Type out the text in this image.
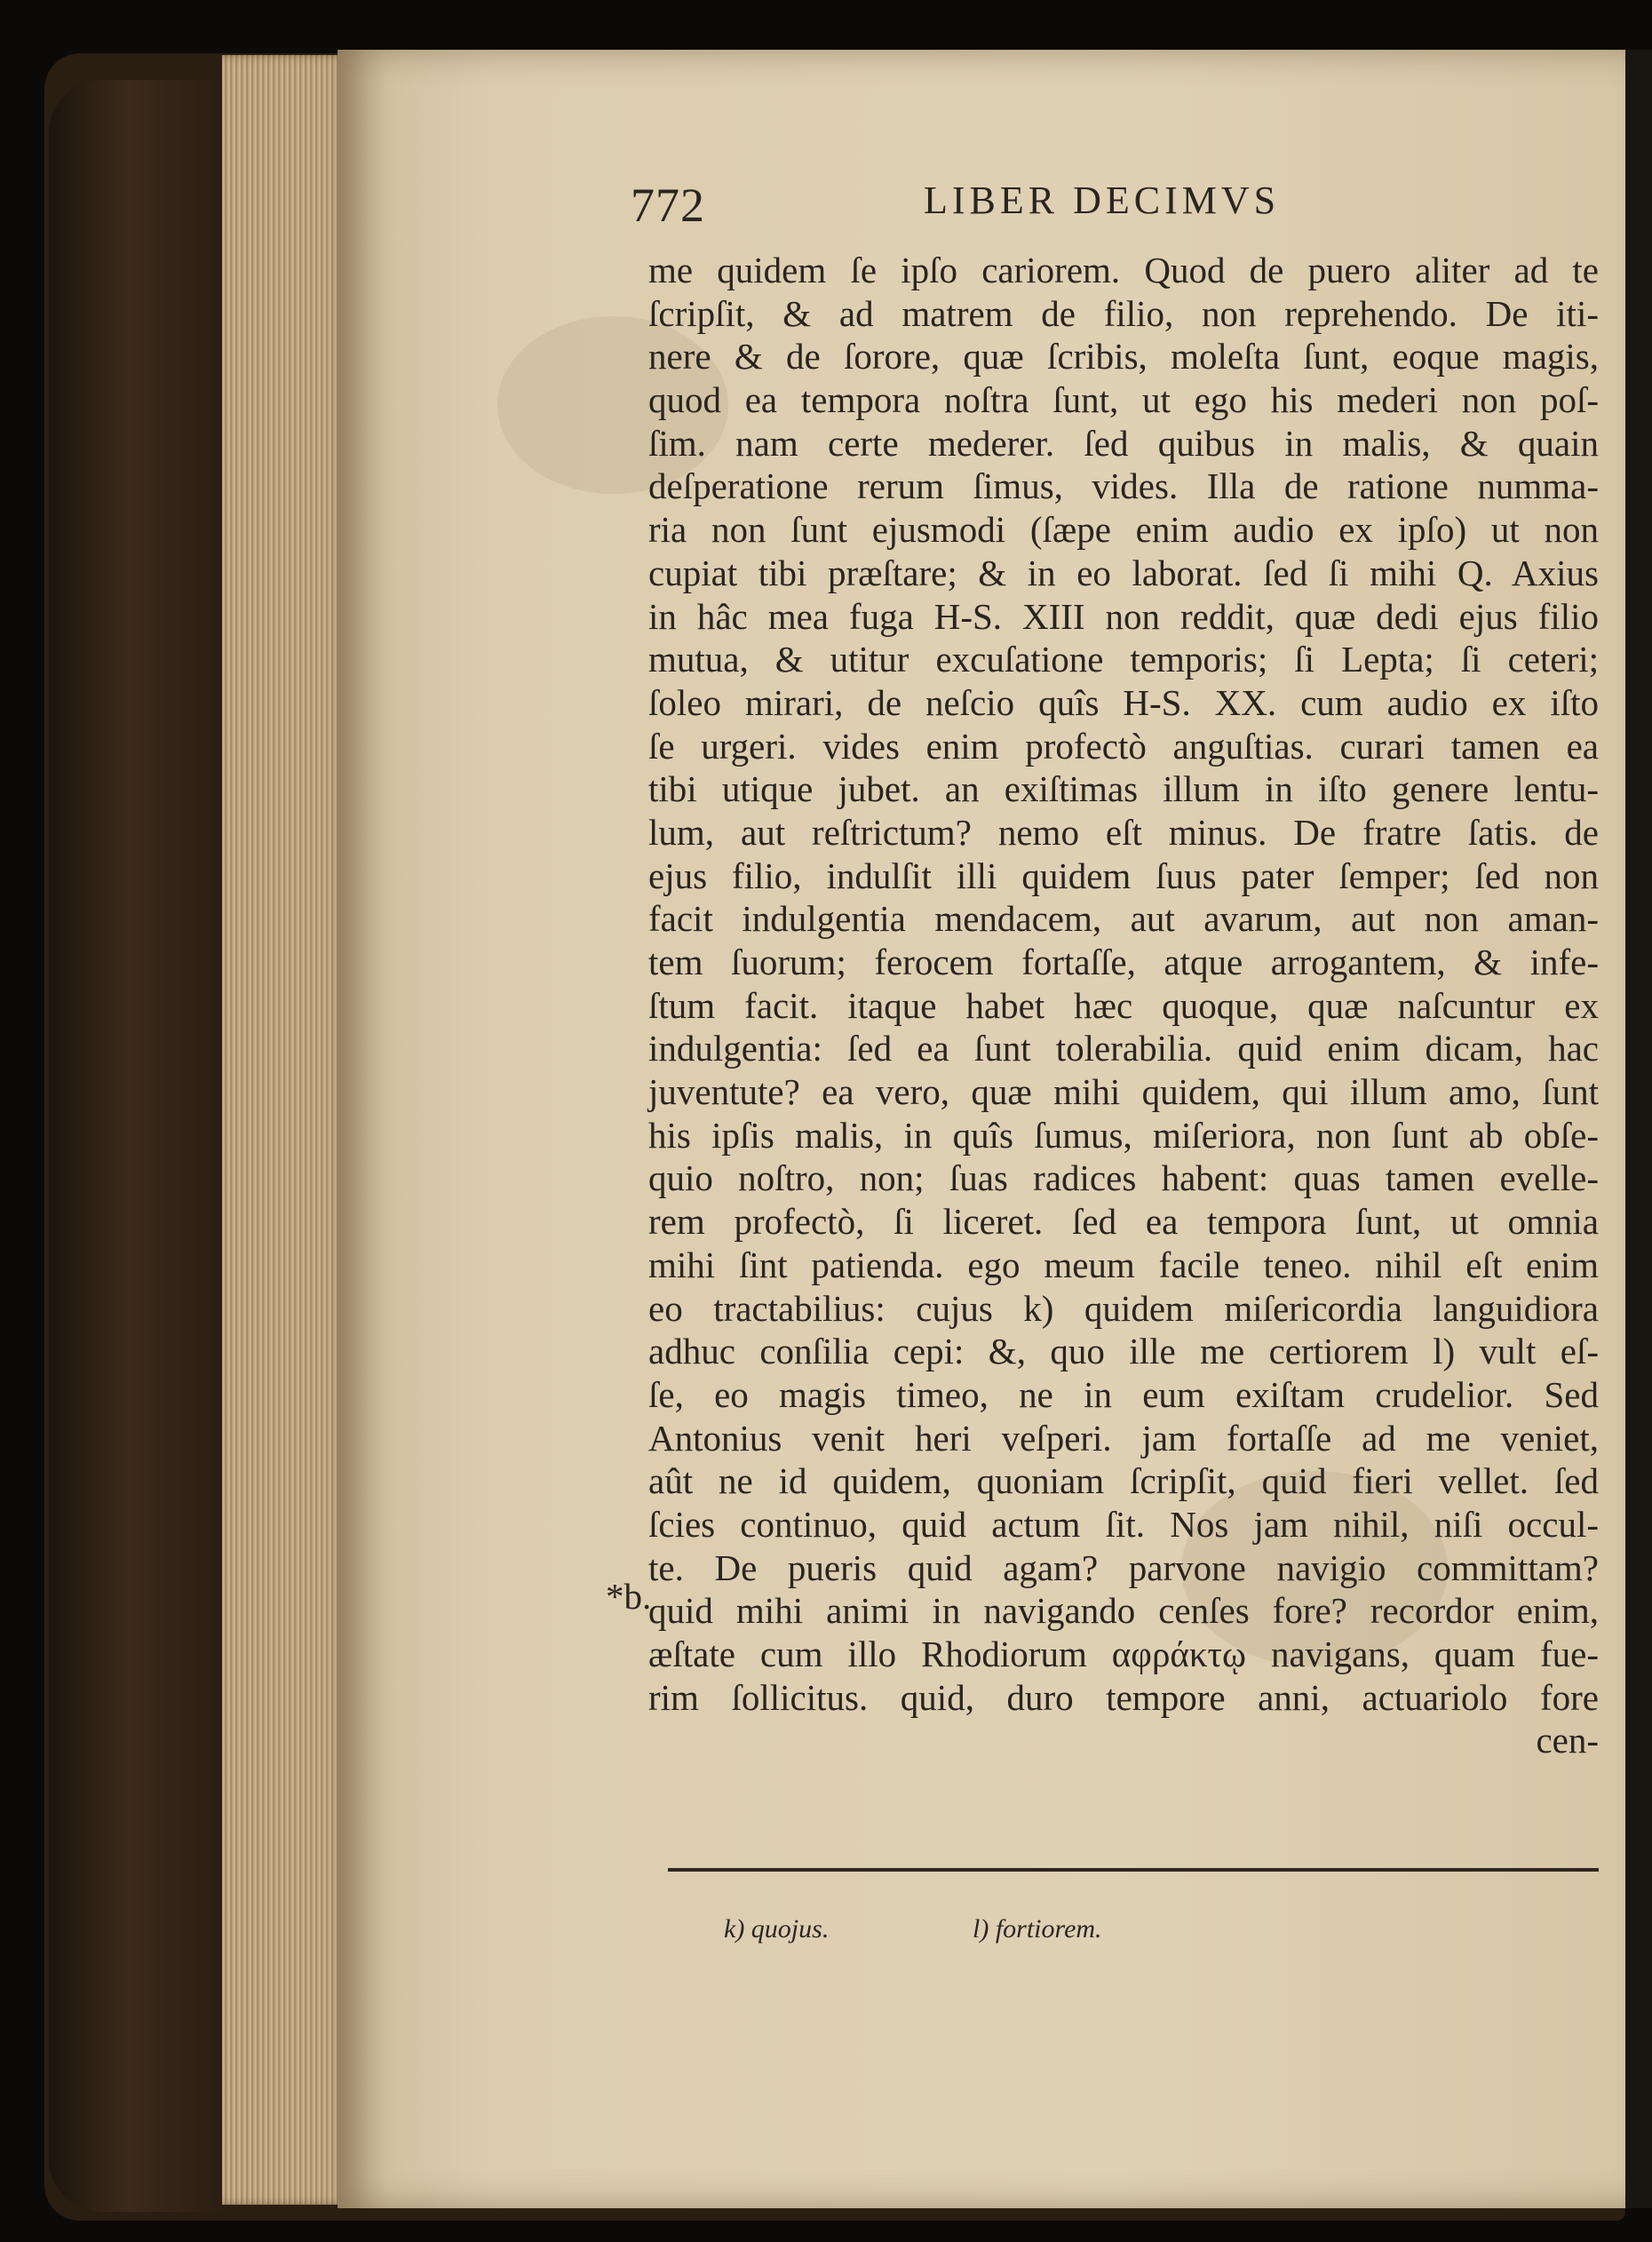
772	LIBER DECIMVS
me quidem ſe ipſo cariorem. Quod de puero aliter ad te
ſcripſit, & ad matrem de filio, non reprehendo. De iti-
nere & de ſorore, quæ ſcribis, moleſta ſunt, eoque magis,
quod ea tempora noſtra ſunt, ut ego his mederi non poſ-
ſim. nam certe mederer. ſed quibus in malis, & quain
deſperatione rerum ſimus, vides. Illa de ratione numma-
ria non ſunt ejusmodi (ſæpe enim audio ex ipſo) ut non
cupiat tibi præſtare; & in eo laborat. ſed ſi mihi Q. Axius
in hâc mea fuga H-S. XIII non reddit, quæ dedi ejus filio
mutua, & utitur excuſatione temporis; ſi Lepta; ſi ceteri;
ſoleo mirari, de neſcio quîs H-S. XX. cum audio ex iſto
ſe urgeri. vides enim profectò anguſtias. curari tamen ea
tibi utique jubet. an exiſtimas illum in iſto genere lentu-
lum, aut reſtrictum? nemo eſt minus. De fratre ſatis. de
ejus filio, indulſit illi quidem ſuus pater ſemper; ſed non
facit indulgentia mendacem, aut avarum, aut non aman-
tem ſuorum; ferocem fortaſſe, atque arrogantem, & infe-
ſtum facit. itaque habet hæc quoque, quæ naſcuntur ex
indulgentia: ſed ea ſunt tolerabilia. quid enim dicam, hac
juventute? ea vero, quæ mihi quidem, qui illum amo, ſunt
his ipſis malis, in quîs ſumus, miſeriora, non ſunt ab obſe-
quio noſtro, non; ſuas radices habent: quas tamen evelle-
rem profectò, ſi liceret. ſed ea tempora ſunt, ut omnia
mihi ſint patienda. ego meum facile teneo. nihil eſt enim
eo tractabilius: cujus k) quidem miſericordia languidiora
adhuc conſilia cepi: &, quo ille me certiorem l) vult eſ-
ſe, eo magis timeo, ne in eum exiſtam crudelior. Sed
Antonius venit heri veſperi. jam fortaſſe ad me veniet,
aût ne id quidem, quoniam ſcripſit, quid fieri vellet. ſed
ſcies continuo, quid actum ſit. Nos jam nihil, niſi occul-
te. De pueris quid agam? parvone navigio committam?
quid mihi animi in navigando cenſes fore? recordor enim,
æſtate cum illo Rhodiorum αφράκτῳ navigans, quam fue-
rim ſollicitus. quid, duro tempore anni, actuariolo fore
cen-
*b.
k) quojus.	l) fortiorem.
